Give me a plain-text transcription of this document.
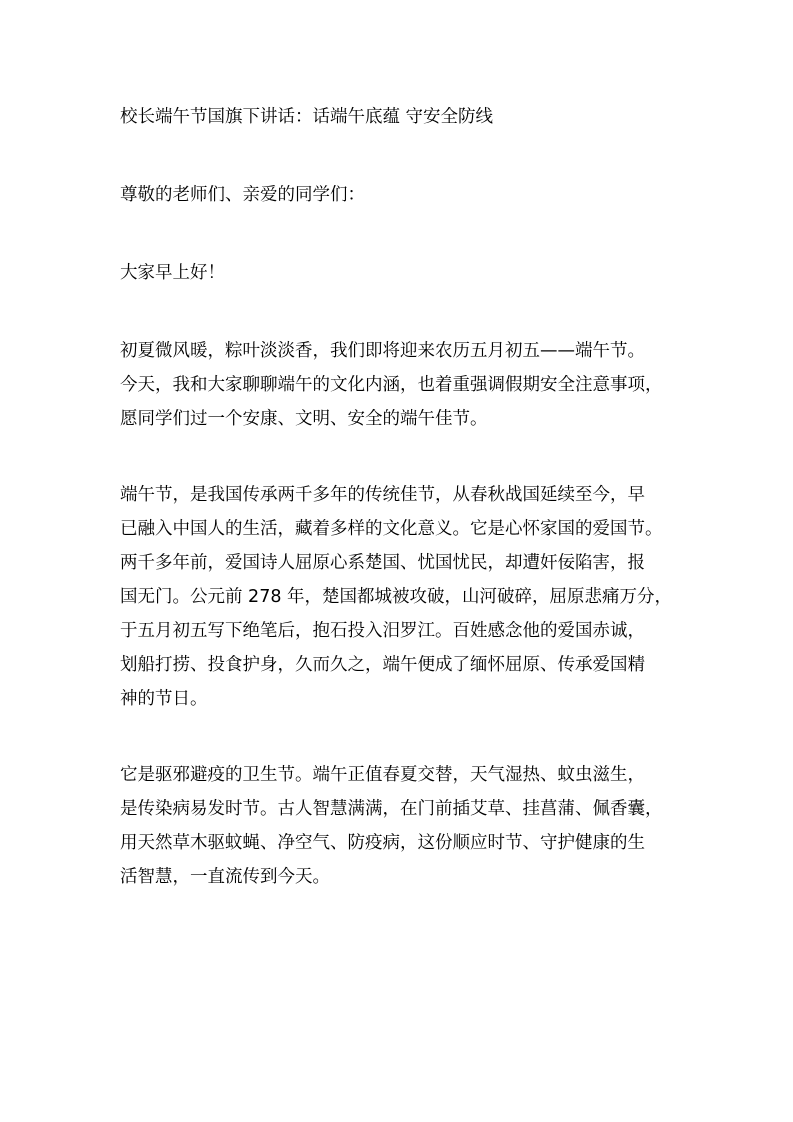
校长端午节国旗下讲话：话端午底蕴 守安全防线

尊敬的老师们、亲爱的同学们：

大家早上好！

初夏微风暖，粽叶淡淡香，我们即将迎来农历五月初五——端午节。

今天，我和大家聊聊端午的文化内涵，也着重强调假期安全注意事项，

愿同学们过一个安康、文明、安全的端午佳节。

端午节，是我国传承两千多年的传统佳节，从春秋战国延续至今，早

已融入中国人的生活，藏着多样的文化意义。它是心怀家国的爱国节。

两千多年前，爱国诗人屈原心系楚国、忧国忧民，却遭奸佞陷害，报

国无门。公元前 278 年，楚国都城被攻破，山河破碎，屈原悲痛万分，

于五月初五写下绝笔后，抱石投入汨罗江。百姓感念他的爱国赤诚，

划船打捞、投食护身，久而久之，端午便成了缅怀屈原、传承爱国精

神的节日。

它是驱邪避疫的卫生节。端午正值春夏交替，天气湿热、蚊虫滋生，

是传染病易发时节。古人智慧满满，在门前插艾草、挂菖蒲、佩香囊，

用天然草木驱蚊蝇、净空气、防疫病，这份顺应时节、守护健康的生

活智慧，一直流传到今天。
